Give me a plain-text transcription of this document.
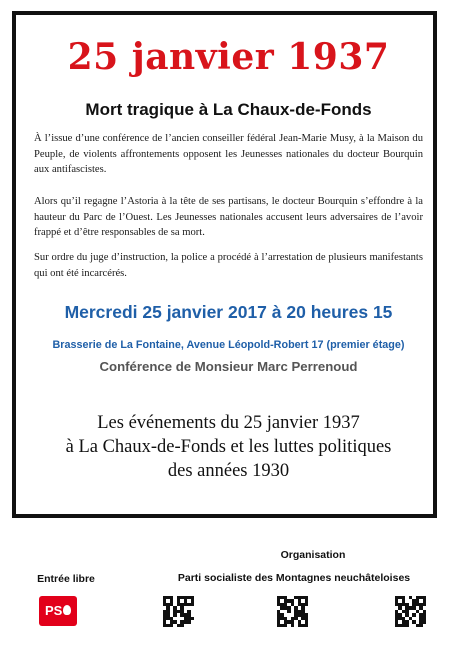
25 janvier 1937
Mort tragique à La Chaux-de-Fonds
À l’issue d’une conférence de l’ancien conseiller fédéral Jean-Marie Musy, à la Maison du Peuple, de violents affrontements opposent les Jeunesses nationales du docteur Bourquin aux antifascistes.
Alors qu’il regagne l’Astoria à la tête de ses partisans, le docteur Bourquin s’effondre à la hauteur du Parc de l’Ouest. Les Jeunesses nationales accusent leurs adversaires de l’avoir frappé et d’être responsables de sa mort.
Sur ordre du juge d’instruction, la police a procédé à l’arrestation de plusieurs manifestants qui ont été incarcérés.
Mercredi 25 janvier 2017 à 20 heures 15
Brasserie de La Fontaine, Avenue Léopold-Robert 17 (premier étage)
Conférence de Monsieur Marc Perrenoud
Les événements du 25 janvier 1937
à La Chaux-de-Fonds et les luttes politiques
des années 1930
Organisation
Parti socialiste des Montagnes neuchâteloises
Entrée libre
PS
